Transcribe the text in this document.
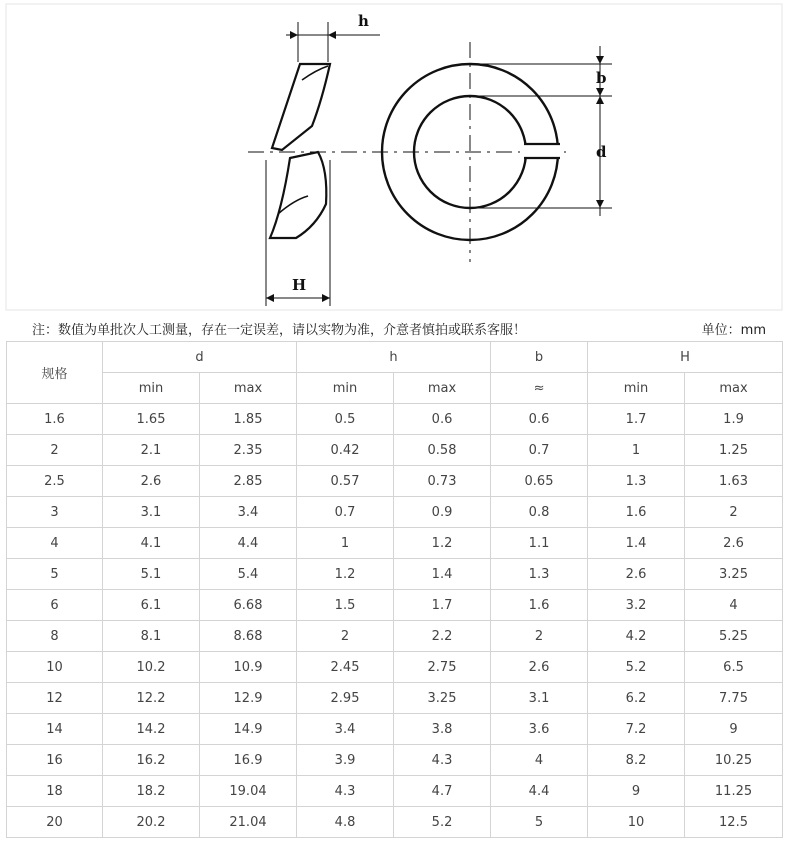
h
H
b
d
注：数值为单批次人工测量，存在一定误差，请以实物为准，介意者慎拍或联系客服！	单位：mm
规格	d		h		b	H	
	min	max	min	max	≈	min	max
1.6	1.65	1.85	0.5	0.6	0.6	1.7	1.9
2	2.1	2.35	0.42	0.58	0.7	1	1.25
2.5	2.6	2.85	0.57	0.73	0.65	1.3	1.63
3	3.1	3.4	0.7	0.9	0.8	1.6	2
4	4.1	4.4	1	1.2	1.1	1.4	2.6
5	5.1	5.4	1.2	1.4	1.3	2.6	3.25
6	6.1	6.68	1.5	1.7	1.6	3.2	4
8	8.1	8.68	2	2.2	2	4.2	5.25
10	10.2	10.9	2.45	2.75	2.6	5.2	6.5
12	12.2	12.9	2.95	3.25	3.1	6.2	7.75
14	14.2	14.9	3.4	3.8	3.6	7.2	9
16	16.2	16.9	3.9	4.3	4	8.2	10.25
18	18.2	19.04	4.3	4.7	4.4	9	11.25
20	20.2	21.04	4.8	5.2	5	10	12.5
